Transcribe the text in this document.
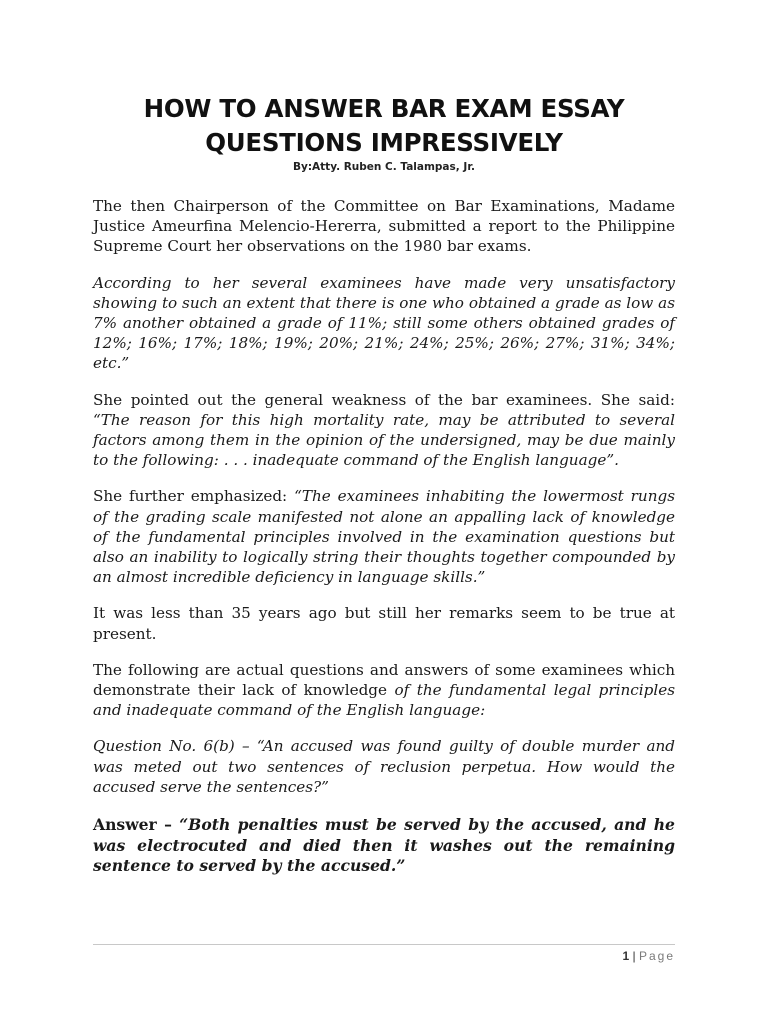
HOW TO ANSWER BAR EXAM ESSAY
QUESTIONS IMPRESSIVELY
By:Atty. Ruben C. Talampas, Jr.

The then Chairperson of the Committee on Bar Examinations, Madame Justice Ameurfina Melencio-Hererra, submitted a report to the Philippine Supreme Court her observations on the 1980 bar exams.

According to her several examinees have made very unsatisfactory showing to such an extent that there is one who obtained a grade as low as 7% another obtained a grade of 11%; still some others obtained grades of 12%; 16%; 17%; 18%; 19%; 20%; 21%; 24%; 25%; 26%; 27%; 31%; 34%; etc.”

She pointed out the general weakness of the bar examinees. She said: “The reason for this high mortality rate, may be attributed to several factors among them in the opinion of the undersigned, may be due mainly to the following: . . . inadequate command of the English language”.

She further emphasized: “The examinees inhabiting the lowermost rungs of the grading scale manifested not alone an appalling lack of knowledge of the fundamental principles involved in the examination questions but also an inability to logically string their thoughts together compounded by an almost incredible deficiency in language skills.”

It was less than 35 years ago but still her remarks seem to be true at present.

The following are actual questions and answers of some examinees which demonstrate their lack of knowledge of the fundamental legal principles and inadequate command of the English language:

Question No. 6(b) – “An accused was found guilty of double murder and was meted out two sentences of reclusion perpetua. How would the accused serve the sentences?”

Answer – “Both penalties must be served by the accused, and he was electrocuted and died then it washes out the remaining sentence to served by the accused.”

1 | Page
